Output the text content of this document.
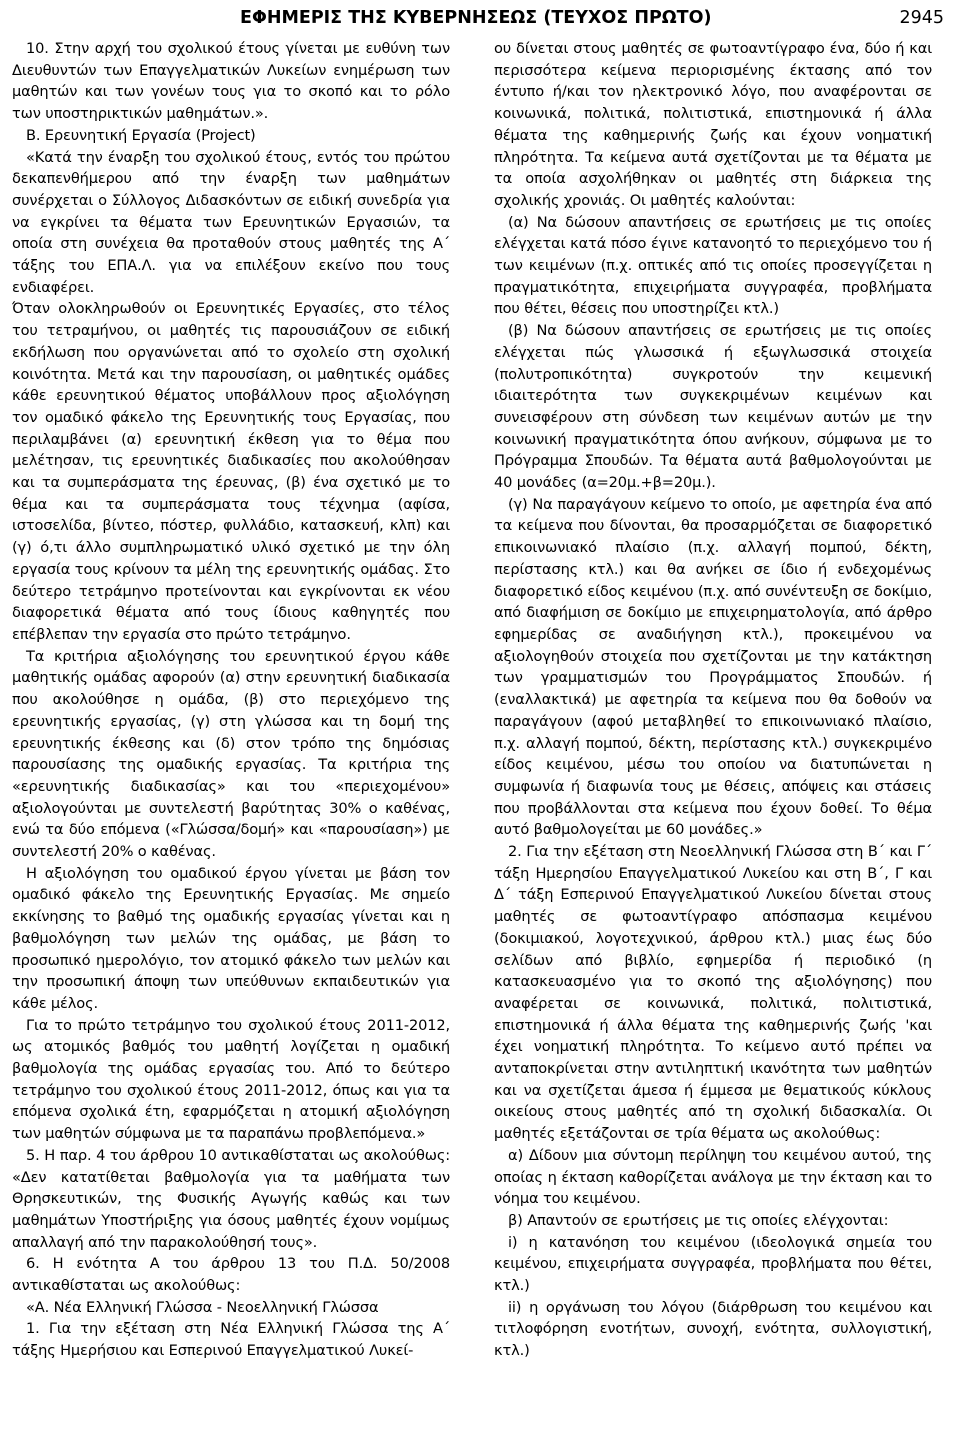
ΕΦΗΜΕΡΙΣ ΤΗΣ ΚΥΒΕΡΝΗΣΕΩΣ (ΤΕΥΧΟΣ ΠΡΩΤΟ)	2945

10. Στην αρχή του σχολικού έτους γίνεται με ευθύνη των Διευθυντών των Επαγγελματικών Λυκείων ενημέρωση των μαθητών και των γονέων τους για το σκοπό και το ρόλο των υποστηρικτικών μαθημάτων.».

Β. Ερευνητική Εργασία (Project)

«Κατά την έναρξη του σχολικού έτους, εντός του πρώτου δεκαπενθήμερου από την έναρξη των μαθημάτων συνέρχεται ο Σύλλογος Διδασκόντων σε ειδική συνεδρία για να εγκρίνει τα θέματα των Ερευνητικών Εργασιών, τα οποία στη συνέχεια θα προταθούν στους μαθητές της Α΄ τάξης του ΕΠΑ.Λ. για να επιλέξουν εκείνο που τους ενδιαφέρει.

Όταν ολοκληρωθούν οι Ερευνητικές Εργασίες, στο τέλος του τετραμήνου, οι μαθητές τις παρουσιάζουν σε ειδική εκδήλωση που οργανώνεται από το σχολείο στη σχολική κοινότητα. Μετά και την παρουσίαση, οι μαθητικές ομάδες κάθε ερευνητικού θέματος υποβάλλουν προς αξιολόγηση τον ομαδικό φάκελο της Ερευνητικής τους Εργασίας, που περιλαμβάνει (α) ερευνητική έκθεση για το θέμα που μελέτησαν, τις ερευνητικές διαδικασίες που ακολούθησαν και τα συμπεράσματα της έρευνας, (β) ένα σχετικό με το θέμα και τα συμπεράσματα τους τέχνημα (αφίσα, ιστοσελίδα, βίντεο, πόστερ, φυλλάδιο, κατασκευή, κλπ) και (γ) ό,τι άλλο συμπληρωματικό υλικό σχετικό με την όλη εργασία τους κρίνουν τα μέλη της ερευνητικής ομάδας. Στο δεύτερο τετράμηνο προτείνονται και εγκρίνονται εκ νέου διαφορετικά θέματα από τους ίδιους καθηγητές που επέβλεπαν την εργασία στο πρώτο τετράμηνο.

Τα κριτήρια αξιολόγησης του ερευνητικού έργου κάθε μαθητικής ομάδας αφορούν (α) στην ερευνητική διαδικασία που ακολούθησε η ομάδα, (β) στο περιεχόμενο της ερευνητικής εργασίας, (γ) στη γλώσσα και τη δομή της ερευνητικής έκθεσης και (δ) στον τρόπο της δημόσιας παρουσίασης της ομαδικής εργασίας. Τα κριτήρια της «ερευνητικής διαδικασίας» και του «περιεχομένου» αξιολογούνται με συντελεστή βαρύτητας 30% ο καθένας, ενώ τα δύο επόμενα («Γλώσσα/δομή» και «παρουσίαση») με συντελεστή 20% ο καθένας.

Η αξιολόγηση του ομαδικού έργου γίνεται με βάση τον ομαδικό φάκελο της Ερευνητικής Εργασίας. Με σημείο εκκίνησης το βαθμό της ομαδικής εργασίας γίνεται και η βαθμολόγηση των μελών της ομάδας, με βάση το προσωπικό ημερολόγιο, τον ατομικό φάκελο των μελών και την προσωπική άποψη των υπεύθυνων εκπαιδευτικών για κάθε μέλος.

Για το πρώτο τετράμηνο του σχολικού έτους 2011-2012, ως ατομικός βαθμός του μαθητή λογίζεται η ομαδική βαθμολογία της ομάδας εργασίας του. Από το δεύτερο τετράμηνο του σχολικού έτους 2011-2012, όπως και για τα επόμενα σχολικά έτη, εφαρμόζεται η ατομική αξιολόγηση των μαθητών σύμφωνα με τα παραπάνω προβλεπόμενα.»

5. Η παρ. 4 του άρθρου 10 αντικαθίσταται ως ακολούθως: «Δεν κατατίθεται βαθμολογία για τα μαθήματα των Θρησκευτικών, της Φυσικής Αγωγής καθώς και των μαθημάτων Υποστήριξης για όσους μαθητές έχουν νομίμως απαλλαγή από την παρακολούθησή τους».

6. Η ενότητα Α του άρθρου 13 του Π.Δ. 50/2008 αντικαθίσταται ως ακολούθως:

«Α. Νέα Ελληνική Γλώσσα - Νεοελληνική Γλώσσα

1. Για την εξέταση στη Νέα Ελληνική Γλώσσα της Α΄ τάξης Ημερήσιου και Εσπερινού Επαγγελματικού Λυκεί-

ου δίνεται στους μαθητές σε φωτοαντίγραφο ένα, δύο ή και περισσότερα κείμενα περιορισμένης έκτασης από τον έντυπο ή/και τον ηλεκτρονικό λόγο, που αναφέρονται σε κοινωνικά, πολιτικά, πολιτιστικά, επιστημονικά ή άλλα θέματα της καθημερινής ζωής και έχουν νοηματική πληρότητα. Τα κείμενα αυτά σχετίζονται με τα θέματα με τα οποία ασχολήθηκαν οι μαθητές στη διάρκεια της σχολικής χρονιάς. Οι μαθητές καλούνται:

(α) Να δώσουν απαντήσεις σε ερωτήσεις με τις οποίες ελέγχεται κατά πόσο έγινε κατανοητό το περιεχόμενο του ή των κειμένων (π.χ. οπτικές από τις οποίες προσεγγίζεται η πραγματικότητα, επιχειρήματα συγγραφέα, προβλήματα που θέτει, θέσεις που υποστηρίζει κτλ.)

(β) Να δώσουν απαντήσεις σε ερωτήσεις με τις οποίες ελέγχεται πώς γλωσσικά ή εξωγλωσσικά στοιχεία (πολυτροπικότητα) συγκροτούν την κειμενική ιδιαιτερότητα των συγκεκριμένων κειμένων και συνεισφέρουν στη σύνδεση των κειμένων αυτών με την κοινωνική πραγματικότητα όπου ανήκουν, σύμφωνα με το Πρόγραμμα Σπουδών. Τα θέματα αυτά βαθμολογούνται με 40 μονάδες (α=20μ.+β=20μ.).

(γ) Να παραγάγουν κείμενο το οποίο, με αφετηρία ένα από τα κείμενα που δίνονται, θα προσαρμόζεται σε διαφορετικό επικοινωνιακό πλαίσιο (π.χ. αλλαγή πομπού, δέκτη, περίστασης κτλ.) και θα ανήκει σε ίδιο ή ενδεχομένως διαφορετικό είδος κειμένου (π.χ. από συνέντευξη σε δοκίμιο, από διαφήμιση σε δοκίμιο με επιχειρηματολογία, από άρθρο εφημερίδας σε αναδιήγηση κτλ.), προκειμένου να αξιολογηθούν στοιχεία που σχετίζονται με την κατάκτηση των γραμματισμών του Προγράμματος Σπουδών. ή (εναλλακτικά) με αφετηρία τα κείμενα που θα δοθούν να παραγάγουν (αφού μεταβληθεί το επικοινωνιακό πλαίσιο, π.χ. αλλαγή πομπού, δέκτη, περίστασης κτλ.) συγκεκριμένο είδος κειμένου, μέσω του οποίου να διατυπώνεται η συμφωνία ή διαφωνία τους με θέσεις, απόψεις και στάσεις που προβάλλονται στα κείμενα που έχουν δοθεί. Το θέμα αυτό βαθμολογείται με 60 μονάδες.»

2. Για την εξέταση στη Νεοελληνική Γλώσσα στη Β΄ και Γ΄ τάξη Ημερησίου Επαγγελματικού Λυκείου και στη Β΄, Γ και Δ΄ τάξη Εσπερινού Επαγγελματικού Λυκείου δίνεται στους μαθητές σε φωτοαντίγραφο απόσπασμα κειμένου (δοκιμιακού, λογοτεχνικού, άρθρου κτλ.) μιας έως δύο σελίδων από βιβλίο, εφημερίδα ή περιοδικό (η κατασκευασμένο για το σκοπό της αξιολόγησης) που αναφέρεται σε κοινωνικά, πολιτικά, πολιτιστικά, επιστημονικά ή άλλα θέματα της καθημερινής ζωής 'και έχει νοηματική πληρότητα. Το κείμενο αυτό πρέπει να ανταποκρίνεται στην αντιληπτική ικανότητα των μαθητών και να σχετίζεται άμεσα ή έμμεσα με θεματικούς κύκλους οικείους στους μαθητές από τη σχολική διδασκαλία. Οι μαθητές εξετάζονται σε τρία θέματα ως ακολούθως:

α) Δίδουν μια σύντομη περίληψη του κειμένου αυτού, της οποίας η έκταση καθορίζεται ανάλογα με την έκταση και το νόημα του κειμένου.

β) Απαντούν σε ερωτήσεις με τις οποίες ελέγχονται:

i) η κατανόηση του κειμένου (ιδεολογικά σημεία του κειμένου, επιχειρήματα συγγραφέα, προβλήματα που θέτει, κτλ.)

ii) η οργάνωση του λόγου (διάρθρωση του κειμένου και τιτλοφόρηση ενοτήτων, συνοχή, ενότητα, συλλογιστική, κτλ.)
